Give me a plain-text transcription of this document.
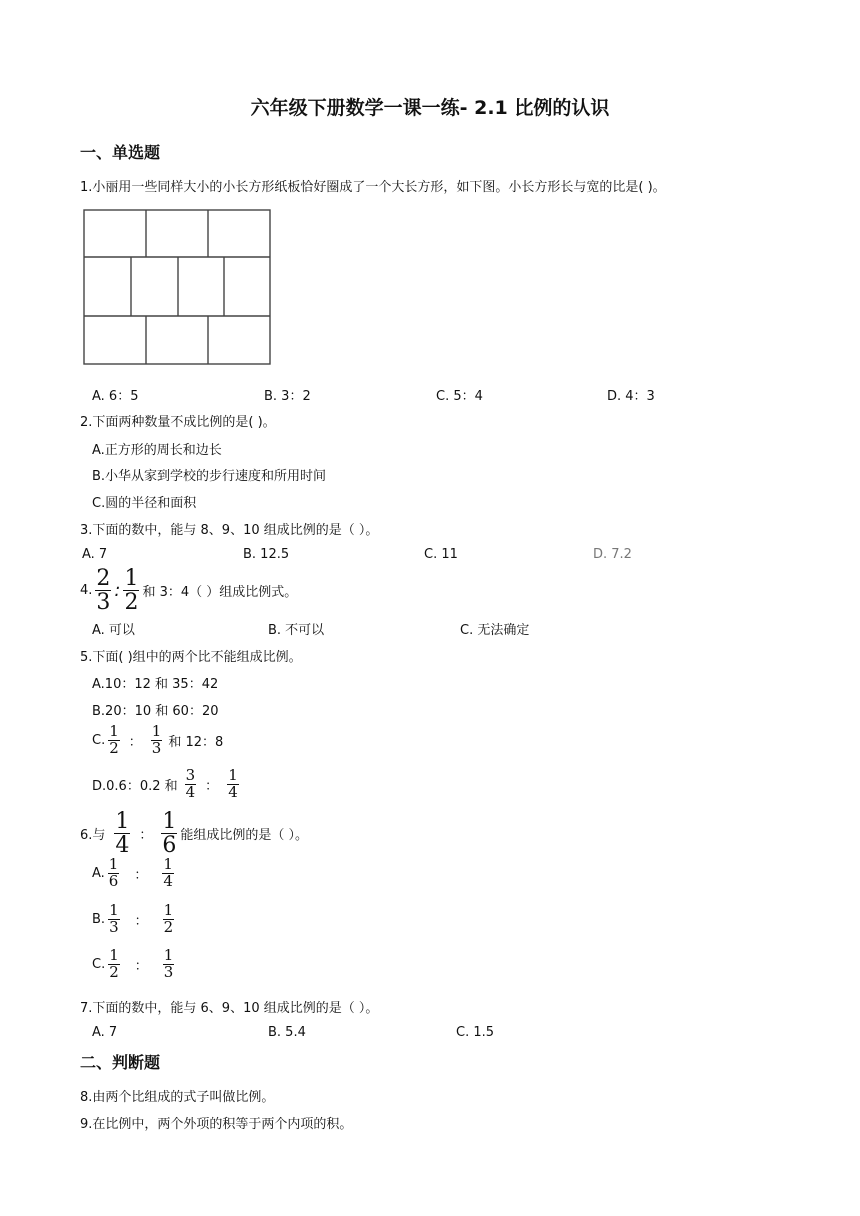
六年级下册数学一课一练- 2.1 比例的认识
一、单选题
1.小丽用一些同样大小的小长方形纸板恰好圈成了一个大长方形，如下图。小长方形长与宽的比是( )。
A. 6：5	B. 3：2	C. 5：4	D. 4：3
2.下面两种数量不成比例的是( )。
A.正方形的周长和边长
B.小华从家到学校的步行速度和所用时间
C.圆的半径和面积
3.下面的数中，能与 8、9、10 组成比例的是（ ）。
A. 7	B. 12.5	C. 11	D. 7.2
4. $\frac{2}{3}$ : $\frac{1}{2}$ 和 3：4（ ）组成比例式。
A. 可以	B. 不可以	C. 无法确定
5.下面( )组中的两个比不能组成比例。
A.10：12 和 35：42
B.20：10 和 60：20
C. $\frac{1}{2}$ ： $\frac{1}{3}$ 和 12：8
D.0.6：0.2 和 $\frac{3}{4}$ ： $\frac{1}{4}$
6.与 $\frac{1}{4}$ ： $\frac{1}{6}$ 能组成比例的是（ ）。
A. $\frac{1}{6}$ ： $\frac{1}{4}$
B. $\frac{1}{3}$ ： $\frac{1}{2}$
C. $\frac{1}{2}$ ： $\frac{1}{3}$
7.下面的数中，能与 6、9、10 组成比例的是（ ）。
A. 7	B. 5.4	C. 1.5
二、判断题
8.由两个比组成的式子叫做比例。
9.在比例中，两个外项的积等于两个内项的积。
